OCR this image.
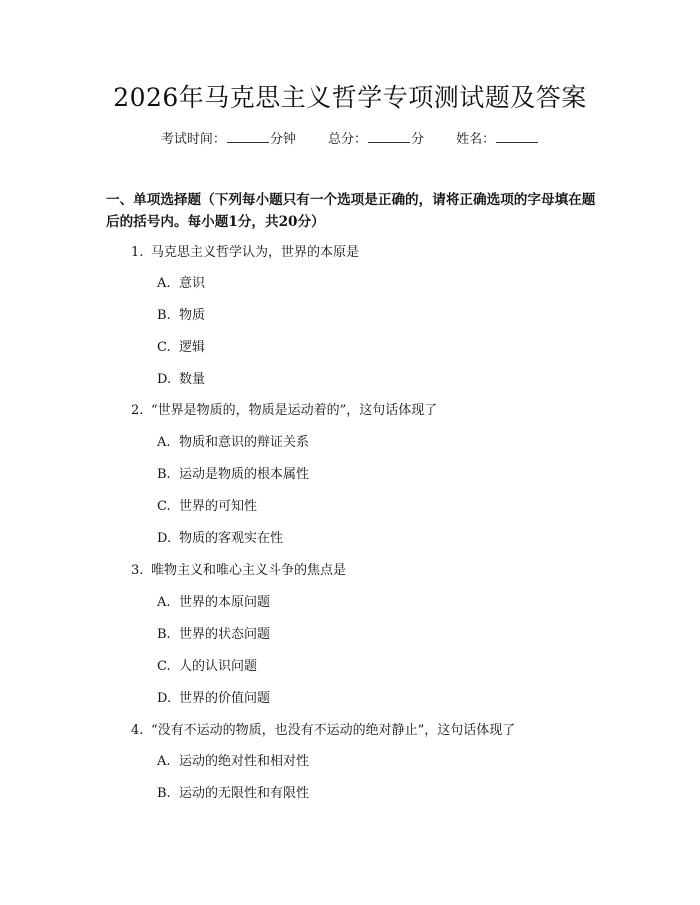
2026年马克思主义哲学专项测试题及答案
考试时间：	分钟 总分：	分 姓名：
一、单项选择题（下列每小题只有一个选项是正确的，请将正确选项的字母填在题后的括号内。每小题1分，共20分）
1. 马克思主义哲学认为，世界的本原是
A. 意识
B. 物质
C. 逻辑
D. 数量
2. “世界是物质的，物质是运动着的”，这句话体现了
A. 物质和意识的辩证关系
B. 运动是物质的根本属性
C. 世界的可知性
D. 物质的客观实在性
3. 唯物主义和唯心主义斗争的焦点是
A. 世界的本原问题
B. 世界的状态问题
C. 人的认识问题
D. 世界的价值问题
4. “没有不运动的物质，也没有不运动的绝对静止”，这句话体现了
A. 运动的绝对性和相对性
B. 运动的无限性和有限性
